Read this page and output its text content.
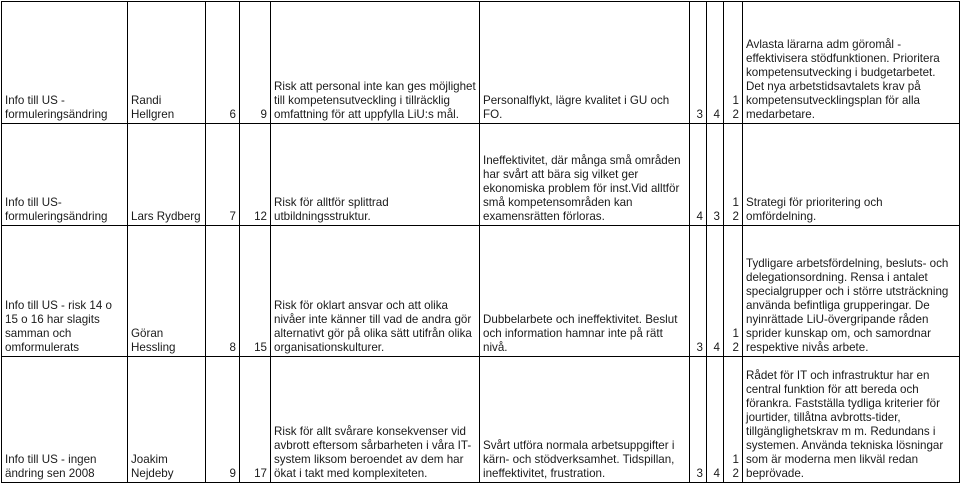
Info till US - formuleringsändring	Randi Hellgren	6	9	Risk att personal inte kan ges möjlighet till kompetensutveckling i tillräcklig omfattning för att uppfylla LiU:s mål.	Personalflykt, lägre kvalitet i GU och FO.	3	4	12	Avlasta lärarna adm göromål - effektivisera stödfunktionen. Prioritera kompetensutvecking i budgetarbetet. Det nya arbetstidsavtalets krav på kompetensutvecklingsplan för alla medarbetare.
Info till US- formuleringsändring	Lars Rydberg	7	12	Risk för alltför splittrad utbildningsstruktur.	Ineffektivitet, där många små områden har svårt att bära sig vilket ger ekonomiska problem för inst.Vid alltför små kompetensområden kan examensrätten förloras.	4	3	12	Strategi för prioritering och omfördelning.
Info till US - risk 14 o 15 o 16 har slagits samman och omformulerats	Göran Hessling	8	15	Risk för oklart ansvar och att olika nivåer inte känner till vad de andra gör alternativt gör på olika sätt utifrån olika organisationskulturer.	Dubbelarbete och ineffektivitet. Beslut och information hamnar inte på rätt nivå.	3	4	12	Tydligare arbetsfördelning, besluts- och delegationsordning. Rensa i antalet specialgrupper och i större utsträckning använda befintliga grupperingar. De nyinrättade LiU-övergripande råden sprider kunskap om, och samordnar respektive nivås arbete.
Info till US - ingen ändring sen 2008	Joakim Nejdeby	9	17	Risk för allt svårare konsekvenser vid avbrott eftersom sårbarheten i våra IT-system liksom beroendet av dem har ökat i takt med komplexiteten.	Svårt utföra normala arbetsuppgifter i kärn- och stödverksamhet. Tidspillan, ineffektivitet, frustration.	3	4	12	Rådet för IT och infrastruktur har en central funktion för att bereda och förankra. Fastställa tydliga kriterier för jourtider, tillåtna avbrotts-tider, tillgänglighetskrav m m. Redundans i systemen. Använda tekniska lösningar som är moderna men likväl redan beprövade.
